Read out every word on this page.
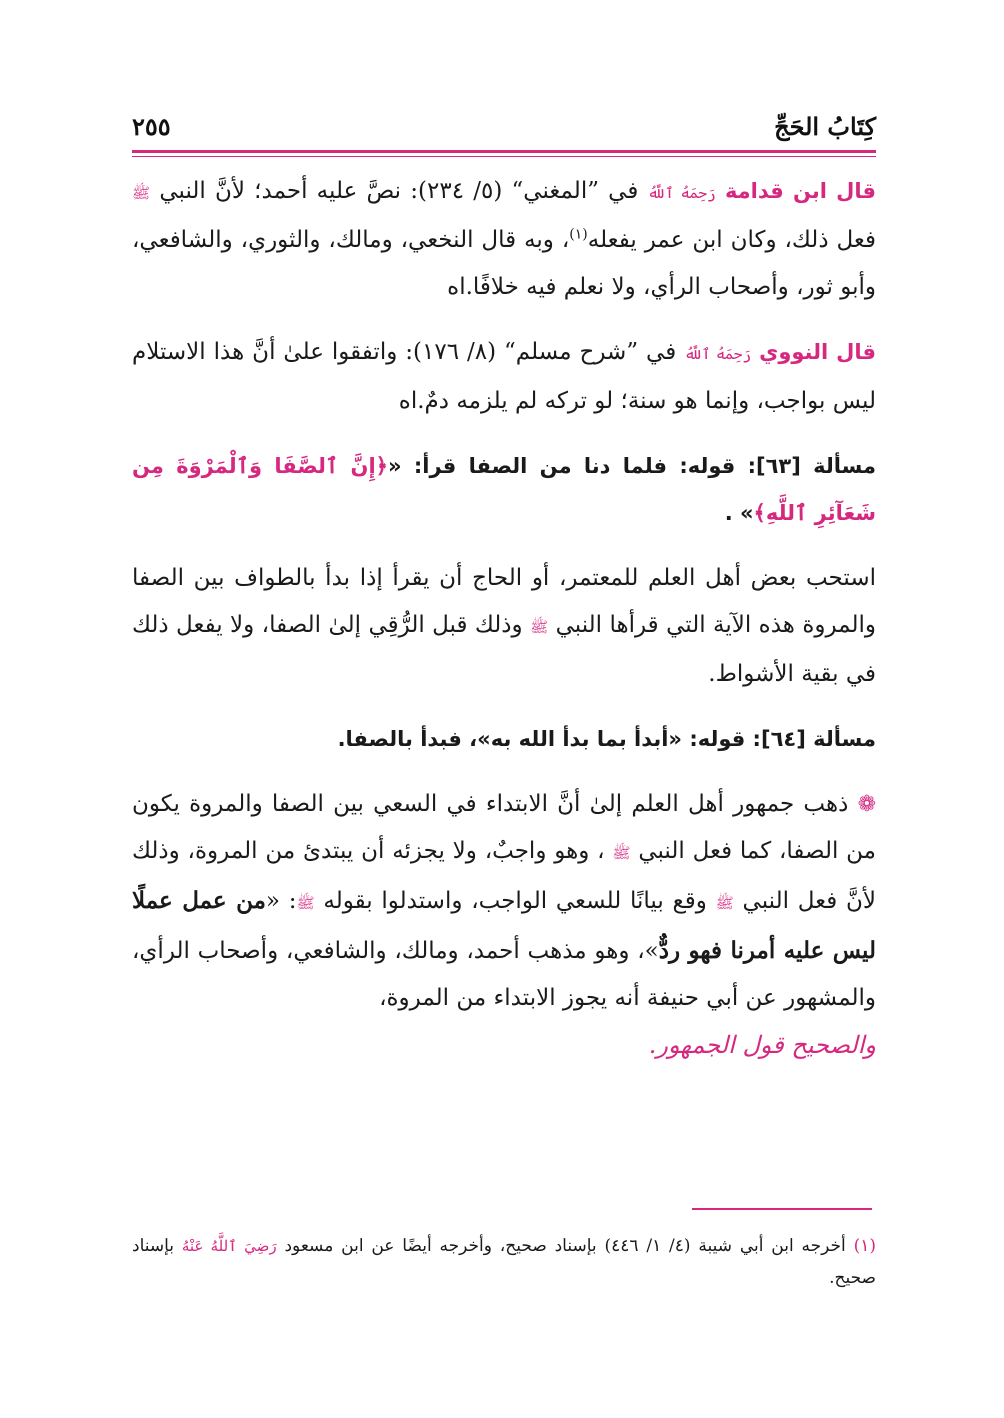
كِتَابُ الحَجِّ
٢٥٥

قال ابن قدامة رَحِمَهُ ٱللَّهُ في ”المغني“ (٥/ ٢٣٤): نصَّ عليه أحمد؛ لأنَّ النبي ﷺ فعل ذلك، وكان ابن عمر يفعله$^{(١)}$، وبه قال النخعي، ومالك، والثوري، والشافعي، وأبو ثور، وأصحاب الرأي، ولا نعلم فيه خلافًا.اه

قال النووي رَحِمَهُ ٱللَّهُ في ”شرح مسلم“ (٨/ ١٧٦): واتفقوا علىٰ أنَّ هذا الاستلام ليس بواجب، وإنما هو سنة؛ لو تركه لم يلزمه دمٌ.اه

مسألة [٦٣]: قوله: فلما دنا من الصفا قرأ: «﴿إِنَّ ٱلصَّفَا وَٱلْمَرْوَةَ مِن شَعَآئِرِ ٱللَّهِ﴾» .

استحب بعض أهل العلم للمعتمر، أو الحاج أن يقرأ إذا بدأ بالطواف بين الصفا والمروة هذه الآية التي قرأها النبي ﷺ وذلك قبل الرُّقِي إلىٰ الصفا، ولا يفعل ذلك في بقية الأشواط.

مسألة [٦٤]: قوله: «أبدأ بما بدأ الله به»، فبدأ بالصفا.

❁ ذهب جمهور أهل العلم إلىٰ أنَّ الابتداء في السعي بين الصفا والمروة يكون من الصفا، كما فعل النبي ﷺ ، وهو واجبٌ، ولا يجزئه أن يبتدئ من المروة، وذلك لأنَّ فعل النبي ﷺ وقع بيانًا للسعي الواجب، واستدلوا بقوله ﷺ: «من عمل عملًا ليس عليه أمرنا فهو ردٌّ»، وهو مذهب أحمد، ومالك، والشافعي، وأصحاب الرأي، والمشهور عن أبي حنيفة أنه يجوز الابتداء من المروة،

والصحيح قول الجمهور.

(١) أخرجه ابن أبي شيبة (٤/ ١/ ٤٤٦) بإسناد صحيح، وأخرجه أيضًا عن ابن مسعود رَضِيَ ٱللَّهُ عَنْهُ بإسناد صحيح.
